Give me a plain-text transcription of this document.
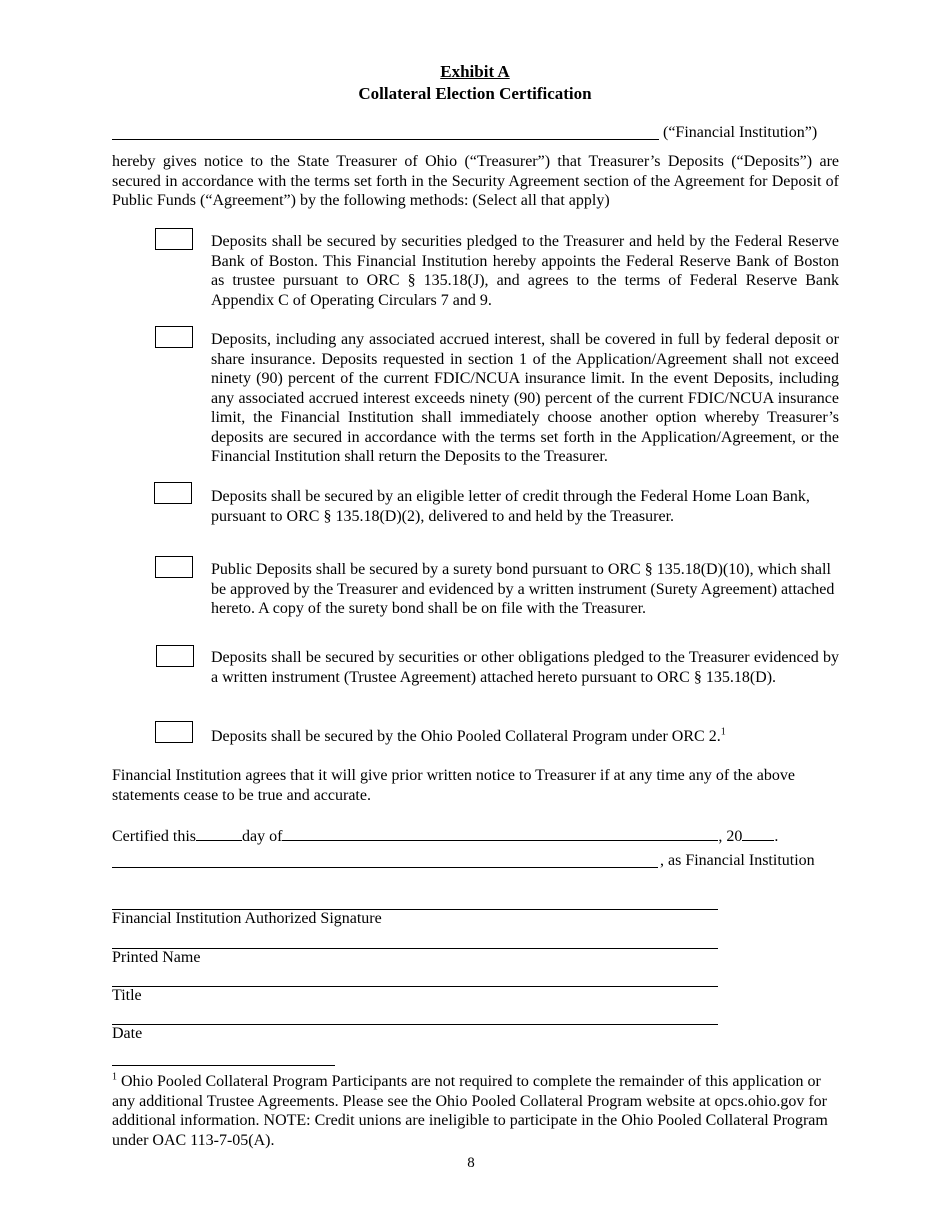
Exhibit A
Collateral Election Certification
(“Financial Institution”)
hereby gives notice to the State Treasurer of Ohio (“Treasurer”) that Treasurer’s Deposits (“Deposits”) are secured in accordance with the terms set forth in the Security Agreement section of the Agreement for Deposit of Public Funds (“Agreement”) by the following methods: (Select all that apply)
Deposits shall be secured by securities pledged to the Treasurer and held by the Federal Reserve Bank of Boston. This Financial Institution hereby appoints the Federal Reserve Bank of Boston as trustee pursuant to ORC § 135.18(J), and agrees to the terms of Federal Reserve Bank Appendix C of Operating Circulars 7 and 9.
Deposits, including any associated accrued interest, shall be covered in full by federal deposit or share insurance. Deposits requested in section 1 of the Application/Agreement shall not exceed ninety (90) percent of the current FDIC/NCUA insurance limit. In the event Deposits, including any associated accrued interest exceeds ninety (90) percent of the current FDIC/NCUA insurance limit, the Financial Institution shall immediately choose another option whereby Treasurer’s deposits are secured in accordance with the terms set forth in the Application/Agreement, or the Financial Institution shall return the Deposits to the Treasurer.
Deposits shall be secured by an eligible letter of credit through the Federal Home Loan Bank, pursuant to ORC § 135.18(D)(2), delivered to and held by the Treasurer.
Public Deposits shall be secured by a surety bond pursuant to ORC § 135.18(D)(10), which shall be approved by the Treasurer and evidenced by a written instrument (Surety Agreement) attached hereto. A copy of the surety bond shall be on file with the Treasurer.
Deposits shall be secured by securities or other obligations pledged to the Treasurer evidenced by a written instrument (Trustee Agreement) attached hereto pursuant to ORC § 135.18(D).
Deposits shall be secured by the Ohio Pooled Collateral Program under ORC 2.$^1$
Financial Institution agrees that it will give prior written notice to Treasurer if at any time any of the above statements cease to be true and accurate.
Certified this	day of	, 20 .
, as Financial Institution
Financial Institution Authorized Signature
Printed Name
Title
Date
$^1$ Ohio Pooled Collateral Program Participants are not required to complete the remainder of this application or any additional Trustee Agreements. Please see the Ohio Pooled Collateral Program website at opcs.ohio.gov for additional information. NOTE: Credit unions are ineligible to participate in the Ohio Pooled Collateral Program under OAC 113-7-05(A).
8
